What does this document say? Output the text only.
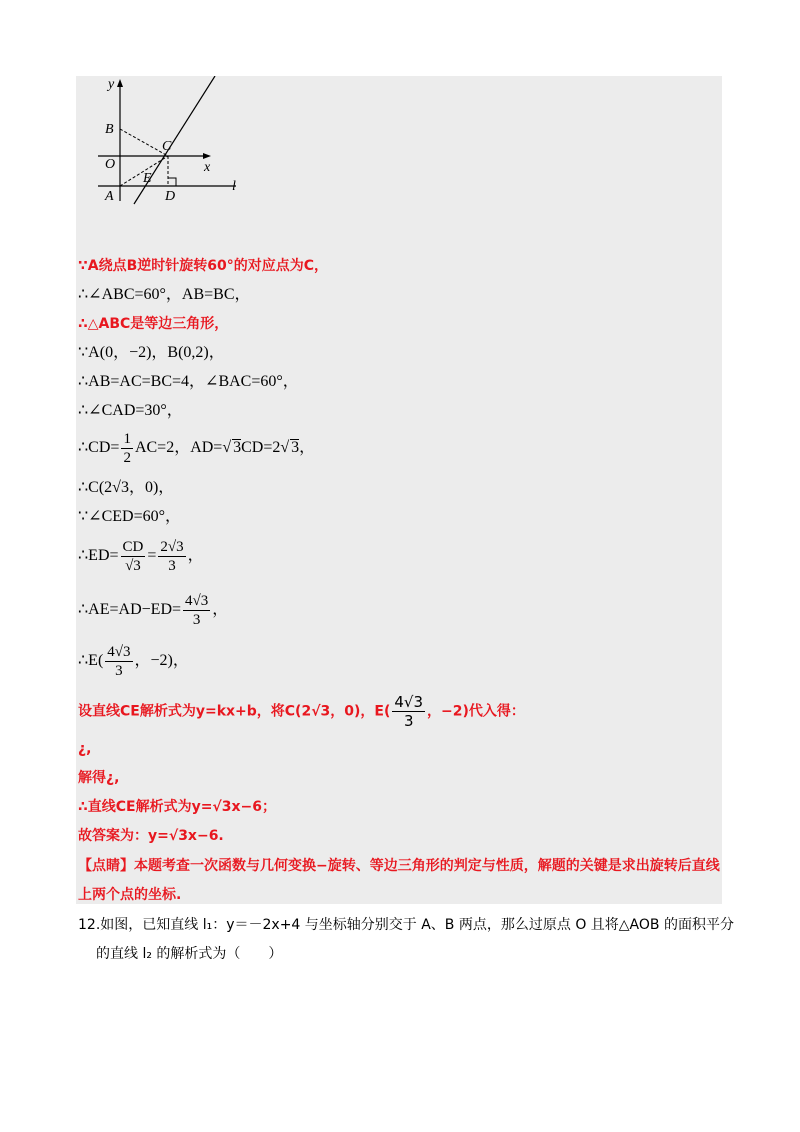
y
x
B
C
O
E
A	D
l
∵A绕点B逆时针旋转60°的对应点为C，
∴∠ABC=60°，AB=BC，
∴△ABC是等边三角形，
∵A(0，−2)，B(0,2)，
∴AB=AC=BC=4，∠BAC=60°，
∴∠CAD=30°，
∴CD= $\frac{1}{2} AC=2$，AD=√ 3CD=2√ 3，
∴C(2√3，0)，
∵∠CED=60°，
∴ED= $\frac{CD}{√3} = \frac{2√3}{3}$ ，
∴AE=AD−ED= $\frac{4√3}{3}$ ，
∴E( $\frac{4√3}{3}$ ，−2)，
设直线CE解析式为y=kx+b，将C(2√3，0)，$E( \frac{4√3}{3}$ ，−2)代入得：
¿,
解得¿,
∴直线CE解析式为y=√3x−6；
故答案为：y=√3x−6.
【点睛】本题考查一次函数与几何变换−旋转、等边三角形的判定与性质，解题的关键是求出旋转后直线
上两个点的坐标.
12.如图，已知直线 l₁：y＝－2x+4 与坐标轴分别交于 A、B 两点，那么过原点 O 且将△AOB 的面积平分
的直线 l₂ 的解析式为（　　）
